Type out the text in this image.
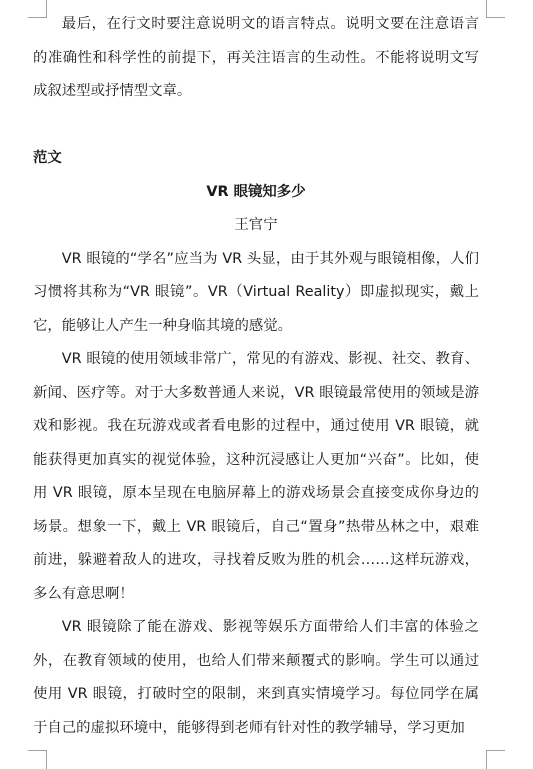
最后，在行文时要注意说明文的语言特点。说明文要在注意语言的准确性和科学性的前提下，再关注语言的生动性。不能将说明文写成叙述型或抒情型文章。

范文

VR 眼镜知多少

王官宁

VR 眼镜的“学名”应当为 VR 头显，由于其外观与眼镜相像，人们习惯将其称为“VR 眼镜”。VR（Virtual Reality）即虚拟现实，戴上它，能够让人产生一种身临其境的感觉。

VR 眼镜的使用领域非常广，常见的有游戏、影视、社交、教育、新闻、医疗等。对于大多数普通人来说，VR 眼镜最常使用的领域是游戏和影视。我在玩游戏或者看电影的过程中，通过使用 VR 眼镜，就能获得更加真实的视觉体验，这种沉浸感让人更加“兴奋”。比如，使用 VR 眼镜，原本呈现在电脑屏幕上的游戏场景会直接变成你身边的场景。想象一下，戴上 VR 眼镜后，自己“置身”热带丛林之中，艰难前进，躲避着敌人的进攻，寻找着反败为胜的机会……这样玩游戏，多么有意思啊！

VR 眼镜除了能在游戏、影视等娱乐方面带给人们丰富的体验之外，在教育领域的使用，也给人们带来颠覆式的影响。学生可以通过使用 VR 眼镜，打破时空的限制，来到真实情境学习。每位同学在属于自己的虚拟环境中，能够得到老师有针对性的教学辅导，学习更加
